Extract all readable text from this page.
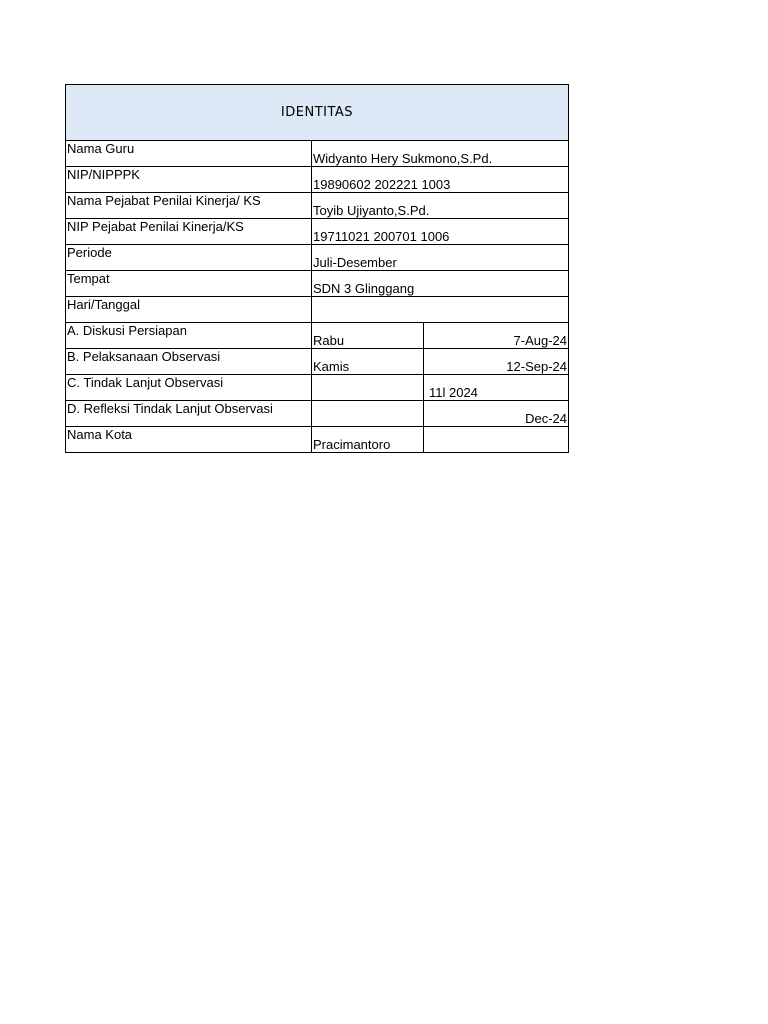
IDENTITAS		
Nama Guru	Widyanto Hery Sukmono,S.Pd.	
NIP/NIPPPK	19890602 202221 1003	
Nama Pejabat Penilai Kinerja/ KS	Toyib Ujiyanto,S.Pd.	
NIP Pejabat Penilai Kinerja/KS	19711021 200701 1006	
Periode	Juli-Desember	
Tempat	SDN 3 Glinggang	
Hari/Tanggal		
A. Diskusi Persiapan	Rabu	7-Aug-24
B. Pelaksanaan Observasi	Kamis	12-Sep-24
C. Tindak Lanjut Observasi		11l 2024
D. Refleksi Tindak Lanjut Observasi		Dec-24
Nama Kota	Pracimantoro	
